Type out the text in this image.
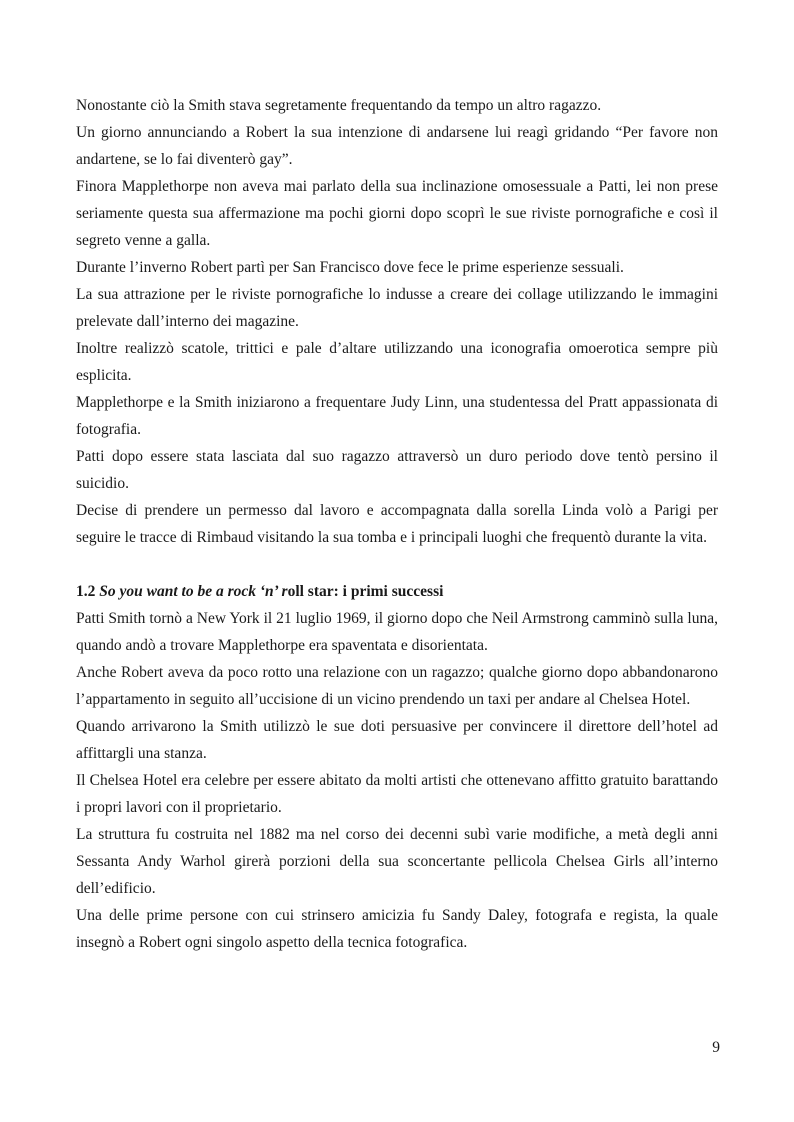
Nonostante ciò la Smith stava segretamente frequentando da tempo un altro ragazzo.

Un giorno annunciando a Robert la sua intenzione di andarsene lui reagì gridando “Per favore non andartene, se lo fai diventerò gay”.

Finora Mapplethorpe non aveva mai parlato della sua inclinazione omosessuale a Patti, lei non prese seriamente questa sua affermazione ma pochi giorni dopo scoprì le sue riviste pornografiche e così il segreto venne a galla.

Durante l’inverno Robert partì per San Francisco dove fece le prime esperienze sessuali.

La sua attrazione per le riviste pornografiche lo indusse a creare dei collage utilizzando le immagini prelevate dall’interno dei magazine.

Inoltre realizzò scatole, trittici e pale d’altare utilizzando una iconografia omoerotica sempre più esplicita.

Mapplethorpe e la Smith iniziarono a frequentare Judy Linn, una studentessa del Pratt appassionata di fotografia.

Patti dopo essere stata lasciata dal suo ragazzo attraversò un duro periodo dove tentò persino il suicidio.

Decise di prendere un permesso dal lavoro e accompagnata dalla sorella Linda volò a Parigi per seguire le tracce di Rimbaud visitando la sua tomba e i principali luoghi che frequentò durante la vita.

1.2 So you want to be a rock ‘n’ roll star: i primi successi

Patti Smith tornò a New York il 21 luglio 1969, il giorno dopo che Neil Armstrong camminò sulla luna, quando andò a trovare Mapplethorpe era spaventata e disorientata.

Anche Robert aveva da poco rotto una relazione con un ragazzo; qualche giorno dopo abbandonarono l’appartamento in seguito all’uccisione di un vicino prendendo un taxi per andare al Chelsea Hotel.

Quando arrivarono la Smith utilizzò le sue doti persuasive per convincere il direttore dell’hotel ad affittargli una stanza.

Il Chelsea Hotel era celebre per essere abitato da molti artisti che ottenevano affitto gratuito barattando i propri lavori con il proprietario.

La struttura fu costruita nel 1882 ma nel corso dei decenni subì varie modifiche, a metà degli anni Sessanta Andy Warhol girerà porzioni della sua sconcertante pellicola Chelsea Girls all’interno dell’edificio.

Una delle prime persone con cui strinsero amicizia fu Sandy Daley, fotografa e regista, la quale insegnò a Robert ogni singolo aspetto della tecnica fotografica.

9
